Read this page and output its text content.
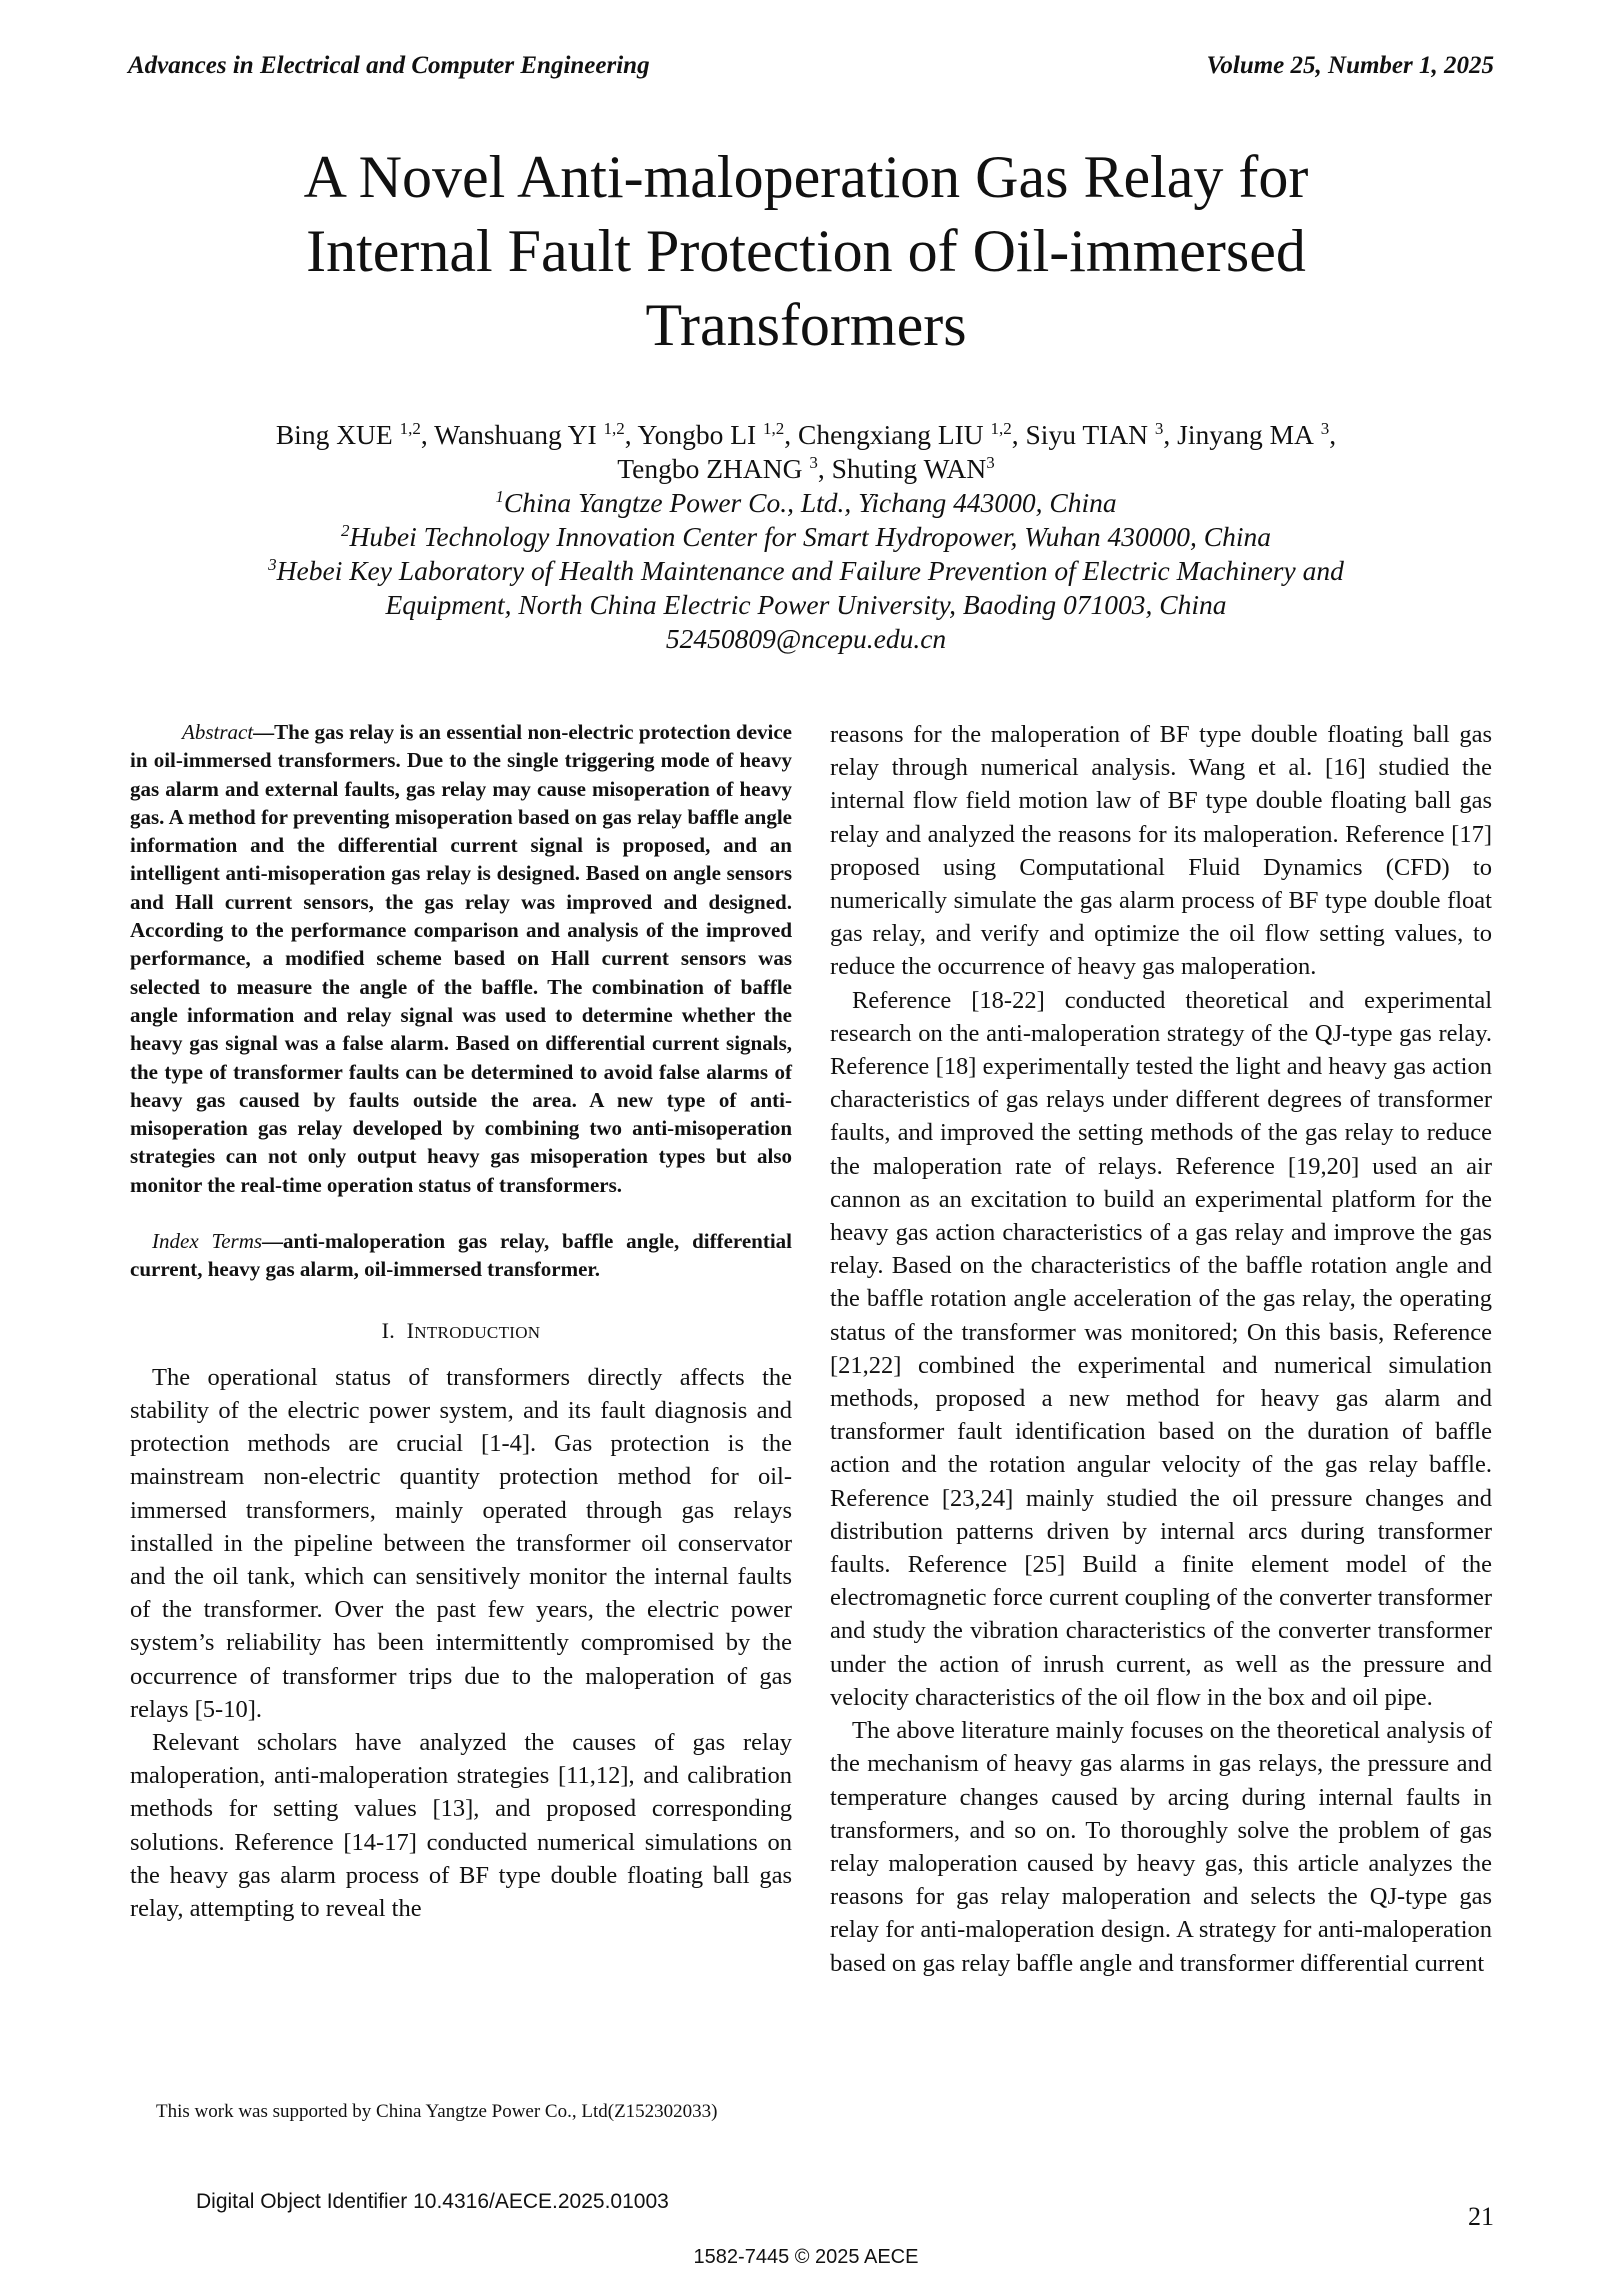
Advances in Electrical and Computer Engineering	Volume 25, Number 1, 2025
A Novel Anti-maloperation Gas Relay for
Internal Fault Protection of Oil-immersed
Transformers
Bing XUE $^{1,2}$, Wanshuang YI $^{1,2}$, Yongbo LI $^{1,2}$, Chengxiang LIU $^{1,2}$, Siyu TIAN $^3$, Jinyang MA $^3$,
Tengbo ZHANG $^3$, Shuting WAN$^3$
$^1$China Yangtze Power Co., Ltd., Yichang 443000, China
$^2$Hubei Technology Innovation Center for Smart Hydropower, Wuhan 430000, China
$^3$Hebei Key Laboratory of Health Maintenance and Failure Prevention of Electric Machinery and
Equipment, North China Electric Power University, Baoding 071003, China
52450809@ncepu.edu.cn

Abstract—The gas relay is an essential non-electric protection device in oil-immersed transformers. Due to the single triggering mode of heavy gas alarm and external faults, gas relay may cause misoperation of heavy gas. A method for preventing misoperation based on gas relay baffle angle information and the differential current signal is proposed, and an intelligent anti-misoperation gas relay is designed. Based on angle sensors and Hall current sensors, the gas relay was improved and designed. According to the performance comparison and analysis of the improved performance, a modified scheme based on Hall current sensors was selected to measure the angle of the baffle. The combination of baffle angle information and relay signal was used to determine whether the heavy gas signal was a false alarm. Based on differential current signals, the type of transformer faults can be determined to avoid false alarms of heavy gas caused by faults outside the area. A new type of anti-misoperation gas relay developed by combining two anti-misoperation strategies can not only output heavy gas misoperation types but also monitor the real-time operation status of transformers.

Index Terms—anti-maloperation gas relay, baffle angle, differential current, heavy gas alarm, oil-immersed transformer.

I. INTRODUCTION

The operational status of transformers directly affects the stability of the electric power system, and its fault diagnosis and protection methods are crucial [1-4]. Gas protection is the mainstream non-electric quantity protection method for oil-immersed transformers, mainly operated through gas relays installed in the pipeline between the transformer oil conservator and the oil tank, which can sensitively monitor the internal faults of the transformer. Over the past few years, the electric power system’s reliability has been intermittently compromised by the occurrence of transformer trips due to the maloperation of gas relays [5-10].

Relevant scholars have analyzed the causes of gas relay maloperation, anti-maloperation strategies [11,12], and calibration methods for setting values [13], and proposed corresponding solutions. Reference [14-17] conducted numerical simulations on the heavy gas alarm process of BF type double floating ball gas relay, attempting to reveal the

reasons for the maloperation of BF type double floating ball gas relay through numerical analysis. Wang et al. [16] studied the internal flow field motion law of BF type double floating ball gas relay and analyzed the reasons for its maloperation. Reference [17] proposed using Computational Fluid Dynamics (CFD) to numerically simulate the gas alarm process of BF type double float gas relay, and verify and optimize the oil flow setting values, to reduce the occurrence of heavy gas maloperation.

Reference [18-22] conducted theoretical and experimental research on the anti-maloperation strategy of the QJ-type gas relay. Reference [18] experimentally tested the light and heavy gas action characteristics of gas relays under different degrees of transformer faults, and improved the setting methods of the gas relay to reduce the maloperation rate of relays. Reference [19,20] used an air cannon as an excitation to build an experimental platform for the heavy gas action characteristics of a gas relay and improve the gas relay. Based on the characteristics of the baffle rotation angle and the baffle rotation angle acceleration of the gas relay, the operating status of the transformer was monitored; On this basis, Reference [21,22] combined the experimental and numerical simulation methods, proposed a new method for heavy gas alarm and transformer fault identification based on the duration of baffle action and the rotation angular velocity of the gas relay baffle. Reference [23,24] mainly studied the oil pressure changes and distribution patterns driven by internal arcs during transformer faults. Reference [25] Build a finite element model of the electromagnetic force current coupling of the converter transformer and study the vibration characteristics of the converter transformer under the action of inrush current, as well as the pressure and velocity characteristics of the oil flow in the box and oil pipe.

The above literature mainly focuses on the theoretical analysis of the mechanism of heavy gas alarms in gas relays, the pressure and temperature changes caused by arcing during internal faults in transformers, and so on. To thoroughly solve the problem of gas relay maloperation caused by heavy gas, this article analyzes the reasons for gas relay maloperation and selects the QJ-type gas relay for anti-maloperation design. A strategy for anti-maloperation based on gas relay baffle angle and transformer differential current

This work was supported by China Yangtze Power Co., Ltd(Z152302033)
Digital Object Identifier 10.4316/AECE.2025.01003
21
1582-7445 © 2025 AECE
